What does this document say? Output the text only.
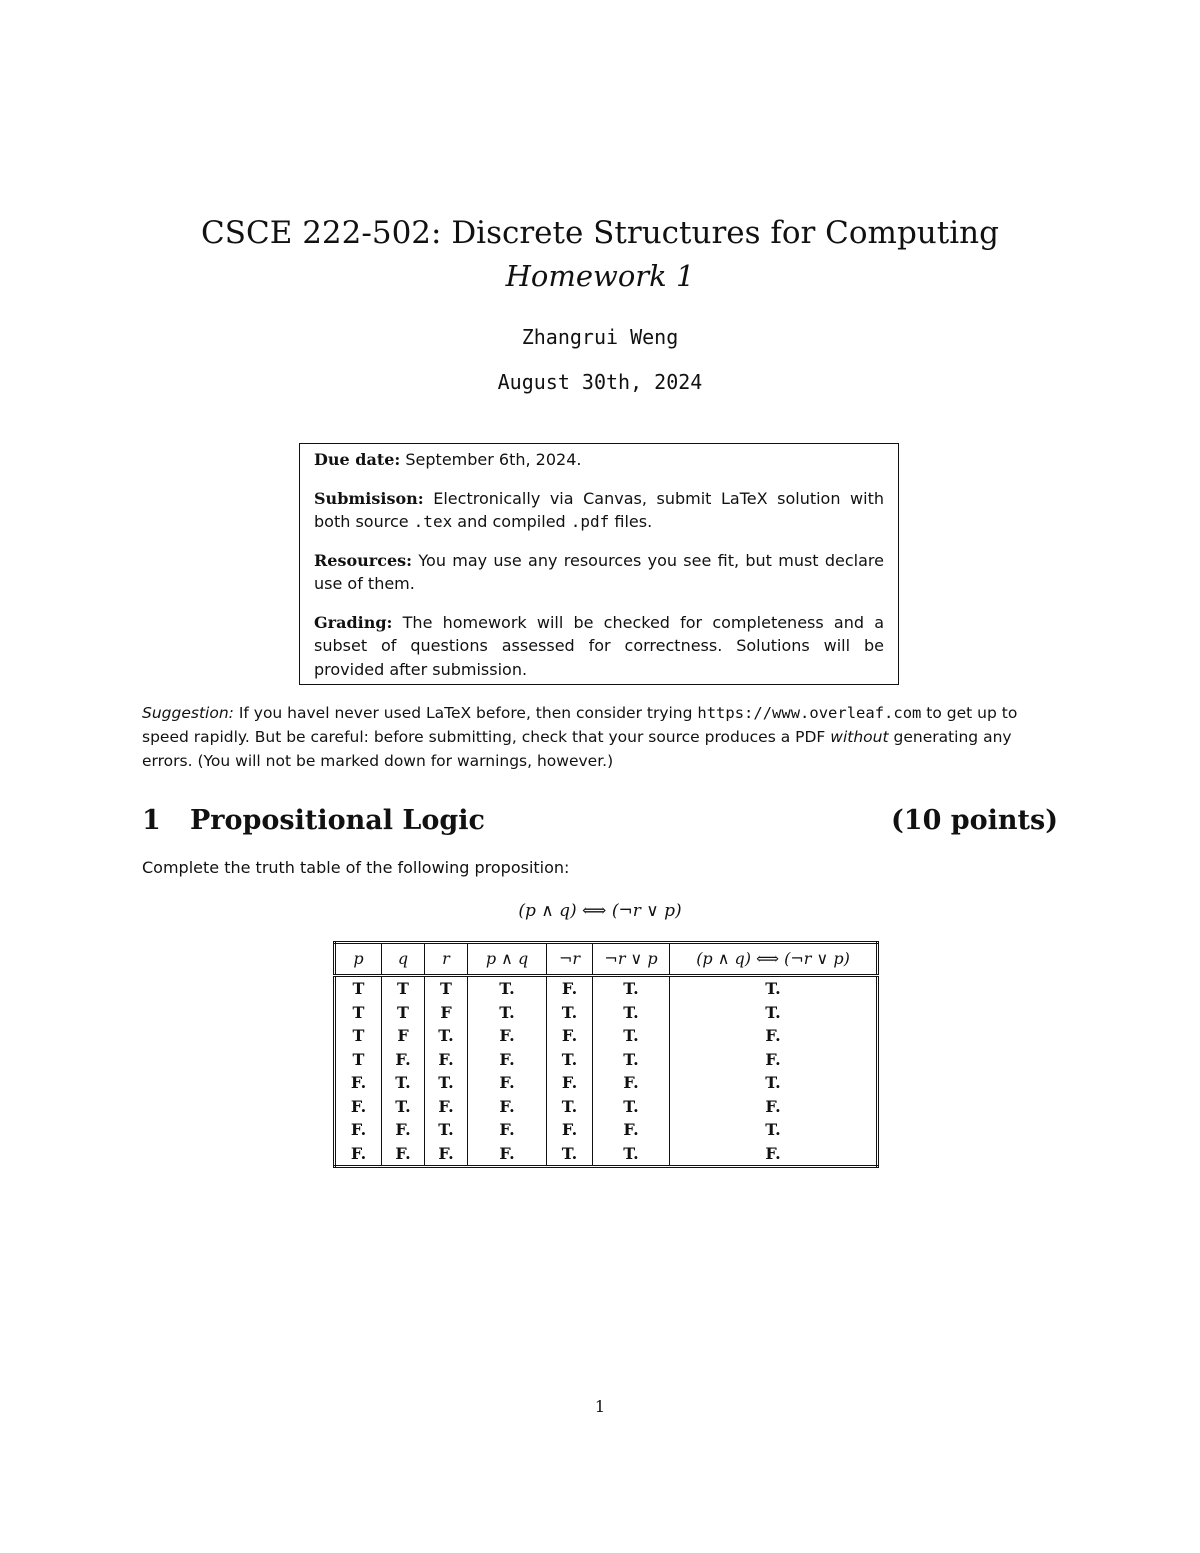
CSCE 222-502: Discrete Structures for Computing
Homework 1
Zhangrui Weng
August 30th, 2024
Due date: September 6th, 2024.
Submisison: Electronically via Canvas, submit LaTeX solution with both source .tex and compiled .pdf files.
Resources: You may use any resources you see fit, but must declare use of them.
Grading: The homework will be checked for completeness and a subset of questions assessed for correctness. Solutions will be provided after submission.
Suggestion: If you havel never used LaTeX before, then consider trying https://www.overleaf.com to get up to speed rapidly. But be careful: before submitting, check that your source produces a PDF without generating any errors. (You will not be marked down for warnings, however.)
1 Propositional Logic	(10 points)
Complete the truth table of the following proposition:
(p ∧ q) ⟺ (¬r ∨ p)
p	q	r	p ∧ q	¬r	¬r ∨ p	(p ∧ q) ⟺ (¬r ∨ p)
T	T	T	T.	F.	T.	T.
T	T	F	T.	T.	T.	T.
T	F	T.	F.	F.	T.	F.
T	F.	F.	F.	T.	T.	F.
F.	T.	T.	F.	F.	F.	T.
F.	T.	F.	F.	T.	T.	F.
F.	F.	T.	F.	F.	F.	T.
F.	F.	F.	F.	T.	T.	F.
1
